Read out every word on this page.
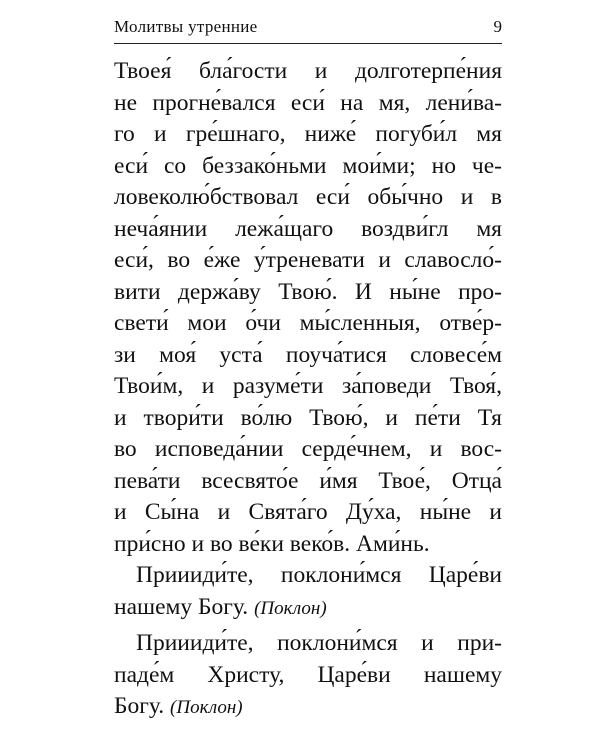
Молитвы утренние	9
Твоея́ бла́гости и долготерпе́ния
не прогне́вался еси́ на мя, лени́ва-
го и гре́шнаго, ниже́ погуби́л мя
еси́ со беззако́ньми мои́ми; но че-
ловеколю́бствовал еси́ обы́чно и в
неча́янии лежа́щаго воздви́гл мя
еси́, во е́же у́треневати и славосло́-
вити держа́ву Твою́. И ны́не про-
свети́ мои о́чи мы́сленныя, отве́р-
зи моя́ уста́ поуча́тися словесе́м
Твои́м, и разуме́ти за́поведи Твоя́,
и твори́ти во́лю Твою́, и пе́ти Тя
во исповеда́нии серде́чнем, и вос-
пева́ти всесвято́е и́мя Твое́, Отца́
и Сы́на и Свята́го Ду́ха, ны́не и
при́сно и во ве́ки веко́в. Ами́нь.
Приииди́те, поклони́мся Царе́ви
нашему Богу. (Поклон)
Приииди́те, поклони́мся и при-
паде́м Христу, Царе́ви нашему
Богу. (Поклон)
